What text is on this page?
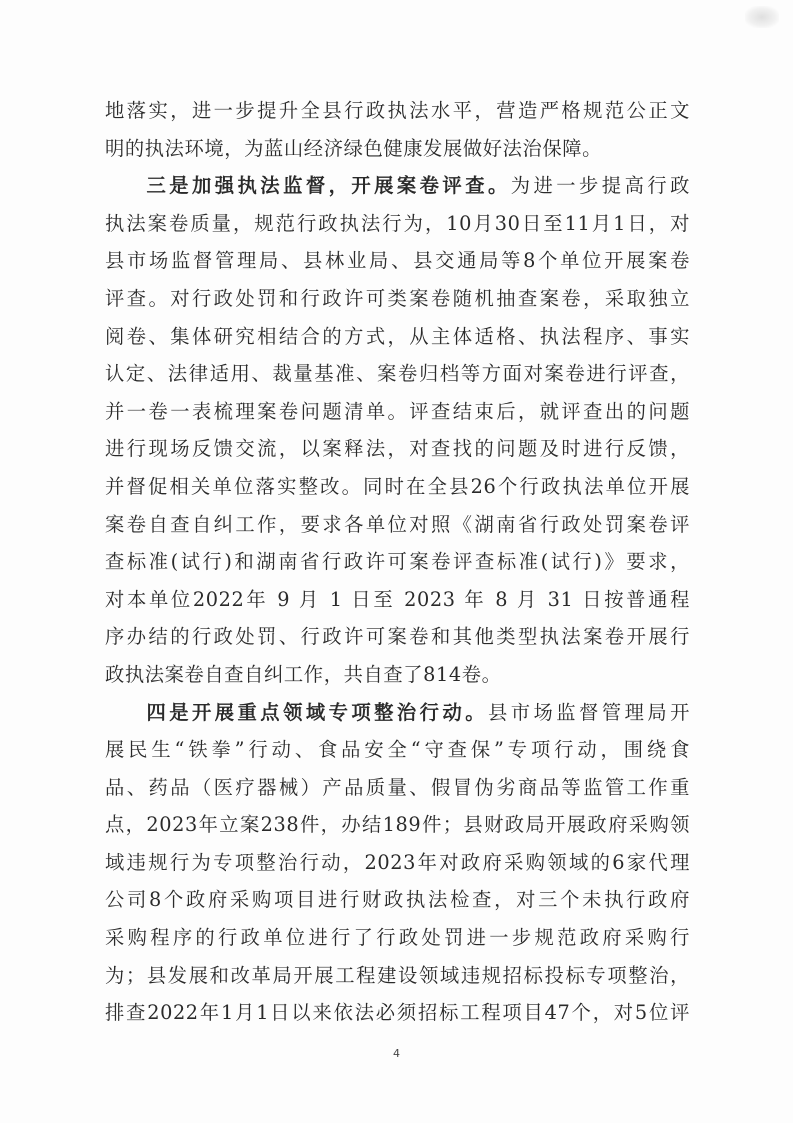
地落实，进一步提升全县行政执法水平，营造严格规范公正文
明的执法环境，为蓝山经济绿色健康发展做好法治保障。
三是加强执法监督，开展案卷评查。为进一步提高行政
执法案卷质量，规范行政执法行为，10月30日至11月1日，对
县市场监督管理局、县林业局、县交通局等8个单位开展案卷
评查。对行政处罚和行政许可类案卷随机抽查案卷，采取独立
阅卷、集体研究相结合的方式，从主体适格、执法程序、事实
认定、法律适用、裁量基准、案卷归档等方面对案卷进行评查，
并一卷一表梳理案卷问题清单。评查结束后，就评查出的问题
进行现场反馈交流，以案释法，对查找的问题及时进行反馈，
并督促相关单位落实整改。同时在全县26个行政执法单位开展
案卷自查自纠工作，要求各单位对照《湖南省行政处罚案卷评
查标准(试行)和湖南省行政许可案卷评查标准(试行)》要求，
对本单位2022年 9 月 1 日至 2023 年 8 月 31 日按普通程
序办结的行政处罚、行政许可案卷和其他类型执法案卷开展行
政执法案卷自查自纠工作，共自查了814卷。
四是开展重点领域专项整治行动。县市场监督管理局开
展民生“铁拳”行动、食品安全“守查保”专项行动，围绕食
品、药品（医疗器械）产品质量、假冒伪劣商品等监管工作重
点，2023年立案238件，办结189件；县财政局开展政府采购领
域违规行为专项整治行动，2023年对政府采购领域的6家代理
公司8个政府采购项目进行财政执法检查，对三个未执行政府
采购程序的行政单位进行了行政处罚进一步规范政府采购行
为；县发展和改革局开展工程建设领域违规招标投标专项整治，
排查2022年1月1日以来依法必须招标工程项目47个，对5位评
4
